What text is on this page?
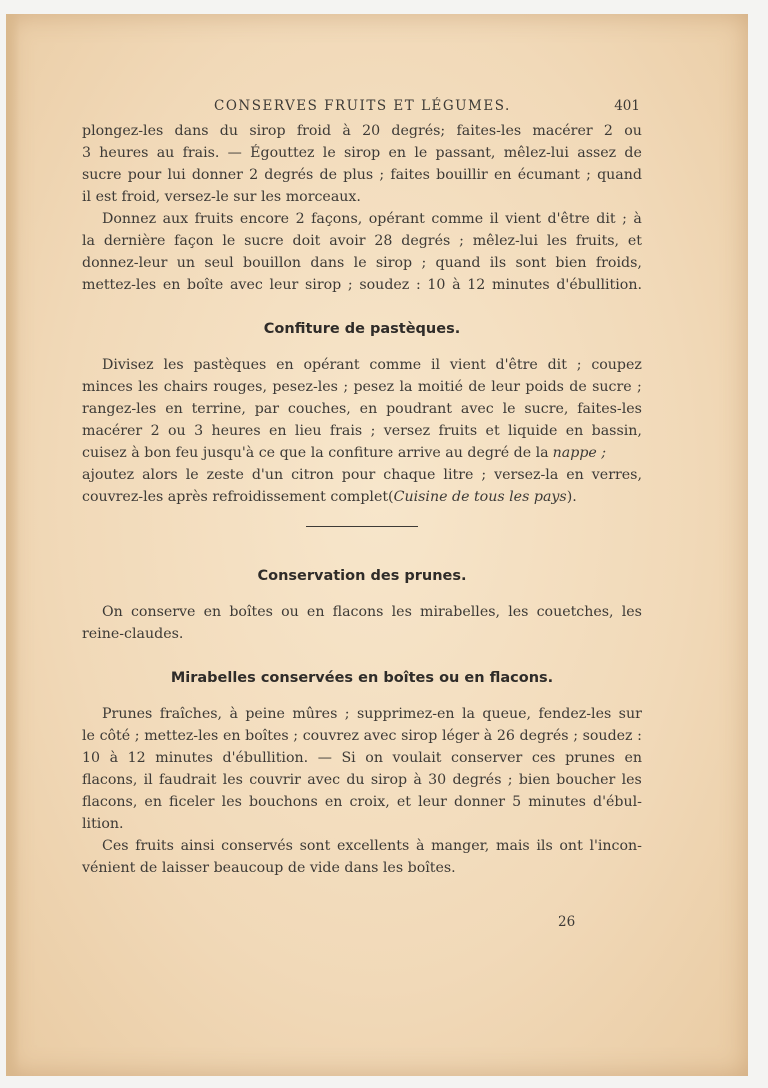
CONSERVES FRUITS ET LÉGUMES.	401
plongez-les dans du sirop froid à 20 degrés; faites-les macérer 2 ou
3 heures au frais. — Égouttez le sirop en le passant, mêlez-lui assez de
sucre pour lui donner 2 degrés de plus ; faites bouillir en écumant ; quand
il est froid, versez-le sur les morceaux.
Donnez aux fruits encore 2 façons, opérant comme il vient d'être dit ; à
la dernière façon le sucre doit avoir 28 degrés ; mêlez-lui les fruits, et
donnez-leur un seul bouillon dans le sirop ; quand ils sont bien froids,
mettez-les en boîte avec leur sirop ; soudez : 10 à 12 minutes d'ébullition.
Confiture de pastèques.
Divisez les pastèques en opérant comme il vient d'être dit ; coupez
minces les chairs rouges, pesez-les ; pesez la moitié de leur poids de sucre ;
rangez-les en terrine, par couches, en poudrant avec le sucre, faites-les
macérer 2 ou 3 heures en lieu frais ; versez fruits et liquide en bassin,
cuisez à bon feu jusqu'à ce que la confiture arrive au degré de la nappe ;
ajoutez alors le zeste d'un citron pour chaque litre ; versez-la en verres,
couvrez-les après refroidissement complet ( Cuisine de tous les pays ).
Conservation des prunes.
On conserve en boîtes ou en flacons les mirabelles, les couetches, les
reine-claudes.
Mirabelles conservées en boîtes ou en flacons.
Prunes fraîches, à peine mûres ; supprimez-en la queue, fendez-les sur
le côté ; mettez-les en boîtes ; couvrez avec sirop léger à 26 degrés ; soudez :
10 à 12 minutes d'ébullition. — Si on voulait conserver ces prunes en
flacons, il faudrait les couvrir avec du sirop à 30 degrés ; bien boucher les
flacons, en ficeler les bouchons en croix, et leur donner 5 minutes d'ébul-
lition.
Ces fruits ainsi conservés sont excellents à manger, mais ils ont l'incon-
vénient de laisser beaucoup de vide dans les boîtes.
26
